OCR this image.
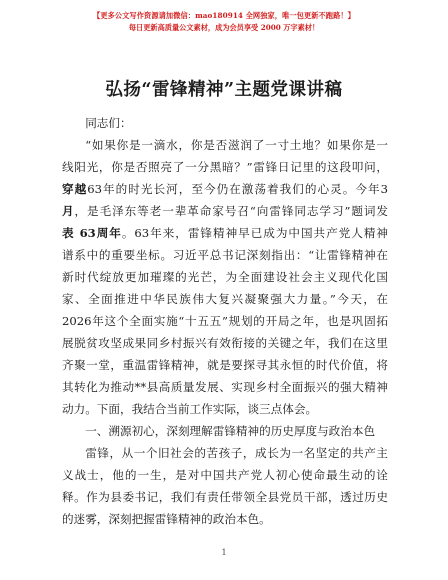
【更多公文写作资源请加微信：mao180914 全网独家，唯一包更新不跑路！】
每日更新高质量公文素材，成为会员享受 2000 万字素材！
弘扬“雷锋精神”主题党课讲稿

同志们：

“如果你是一滴水，你是否滋润了一寸土地？如果你是一

线阳光，你是否照亮了一分黑暗？”雷锋日记里的这段叩问，

穿越63年的时光长河，至今仍在激荡着我们的心灵。今年3

月，是毛泽东等老一辈革命家号召“向雷锋同志学习”题词发

表 63周年。63年来，雷锋精神早已成为中国共产党人精神

谱系中的重要坐标。习近平总书记深刻指出：“让雷锋精神在

新时代绽放更加璀璨的光芒，为全面建设社会主义现代化国

家、全面推进中华民族伟大复兴凝聚强大力量。”今天，在

2026年这个全面实施“十五五”规划的开局之年，也是巩固拓

展脱贫攻坚成果同乡村振兴有效衔接的关键之年，我们在这里

齐聚一堂，重温雷锋精神，就是要探寻其永恒的时代价值，将

其转化为推动**县高质量发展、实现乡村全面振兴的强大精神

动力。下面，我结合当前工作实际，谈三点体会。

一、溯源初心，深刻理解雷锋精神的历史厚度与政治本色

雷锋，从一个旧社会的苦孩子，成长为一名坚定的共产主

义战士，他的一生，是对中国共产党人初心使命最生动的诠

释。作为县委书记，我们有责任带领全县党员干部，透过历史

的迷雾，深刻把握雷锋精神的政治本色。

1
